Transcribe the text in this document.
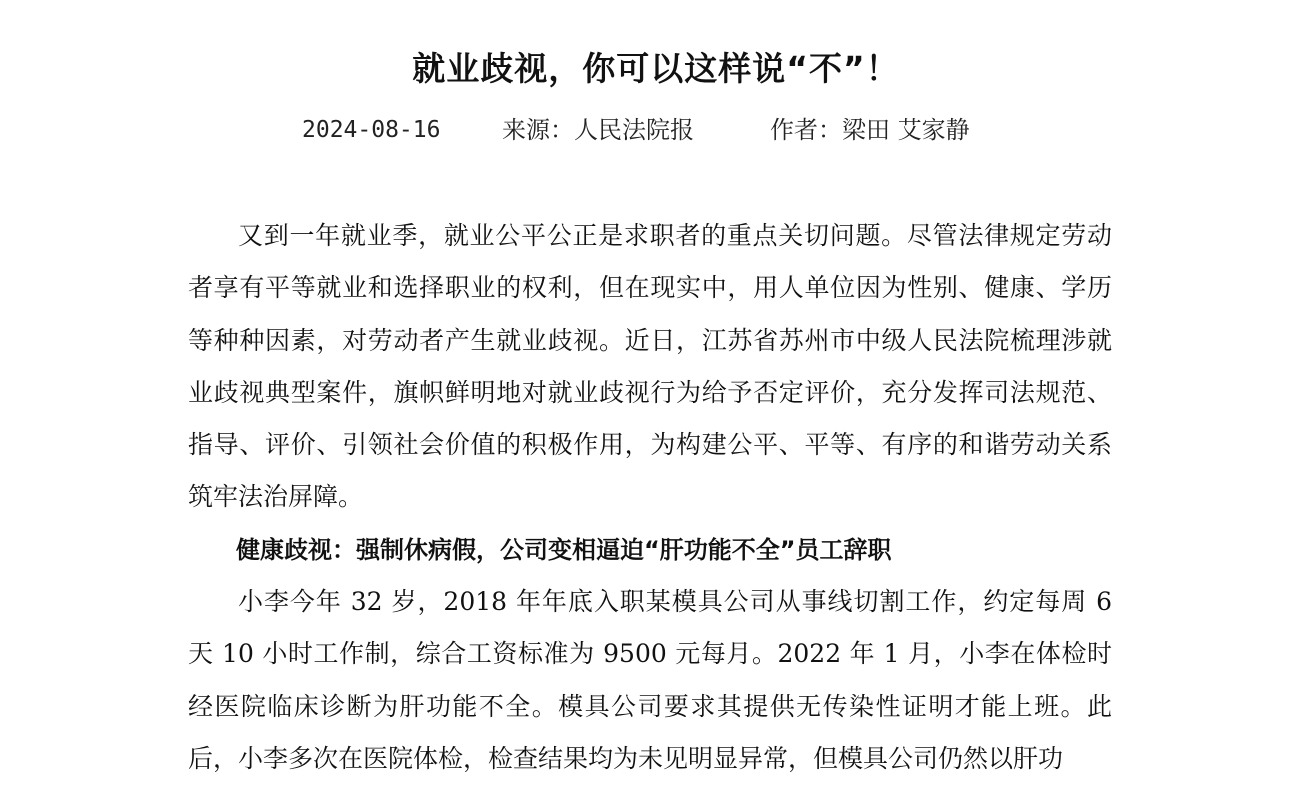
就业歧视，你可以这样说“不”！
2024-08-16	来源：人民法院报	作者：梁田 艾家静

又到一年就业季，就业公平公正是求职者的重点关切问题。尽管法律规定劳动者享有平等就业和选择职业的权利，但在现实中，用人单位因为性别、健康、学历等种种因素，对劳动者产生就业歧视。近日，江苏省苏州市中级人民法院梳理涉就业歧视典型案件，旗帜鲜明地对就业歧视行为给予否定评价，充分发挥司法规范、指导、评价、引领社会价值的积极作用，为构建公平、平等、有序的和谐劳动关系筑牢法治屏障。

健康歧视：强制休病假，公司变相逼迫“肝功能不全”员工辞职

小李今年 32 岁，2018 年年底入职某模具公司从事线切割工作，约定每周 6 天 10 小时工作制，综合工资标准为 9500 元每月。2022 年 1 月，小李在体检时经医院临床诊断为肝功能不全。模具公司要求其提供无传染性证明才能上班。此后，小李多次在医院体检，检查结果均为未见明显异常，但模具公司仍然以肝功
